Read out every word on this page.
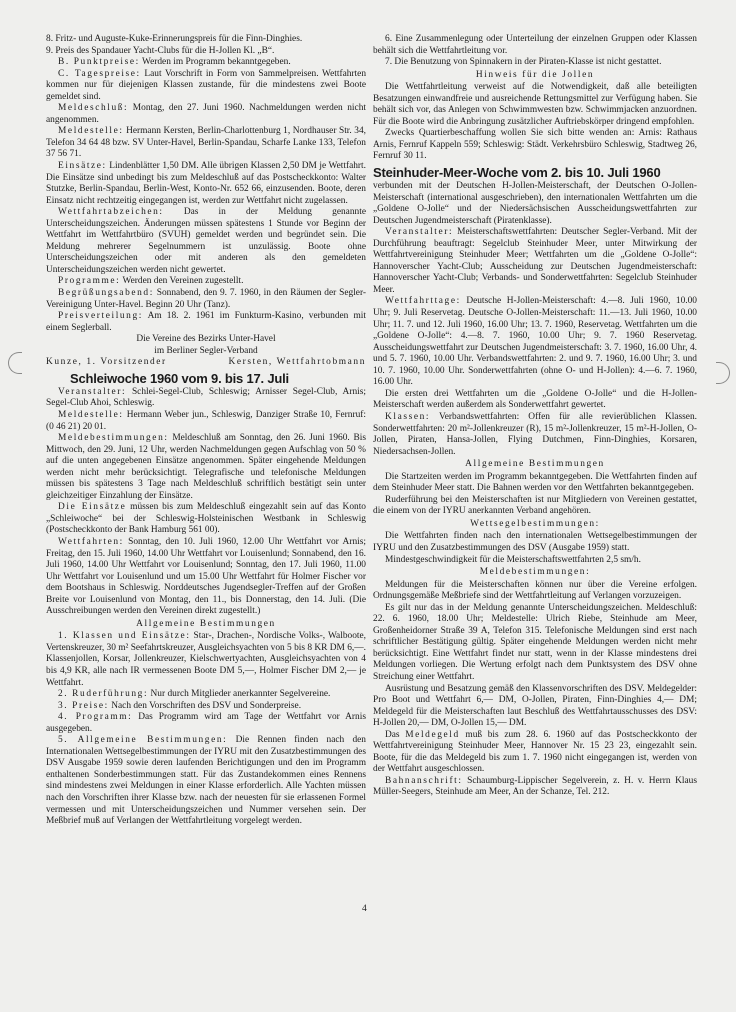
8. Fritz- und Auguste-Kuke-Erinnerungspreis für die Finn-Dinghies.

9. Preis des Spandauer Yacht-Clubs für die H-Jollen Kl. „B“.

B. Punktpreise: Werden im Programm bekanntgegeben.

C. Tagespreise: Laut Vorschrift in Form von Sammelpreisen. Wettfahrten kommen nur für diejenigen Klassen zustande, für die mindestens zwei Boote gemeldet sind.

Meldeschluß: Montag, den 27. Juni 1960. Nachmeldungen werden nicht angenommen.

Meldestelle: Hermann Kersten, Berlin-Charlottenburg 1, Nordhauser Str. 34, Telefon 34 64 48 bzw. SV Unter-Havel, Berlin-Spandau, Scharfe Lanke 133, Telefon 37 56 71.

Einsätze: Lindenblätter 1,50 DM. Alle übrigen Klassen 2,50 DM je Wettfahrt. Die Einsätze sind unbedingt bis zum Meldeschluß auf das Postscheckkonto: Walter Stutzke, Berlin-Spandau, Berlin-West, Konto-Nr. 652 66, einzusenden. Boote, deren Einsatz nicht rechtzeitig eingegangen ist, werden zur Wettfahrt nicht zugelassen.

Wettfahrtabzeichen: Das in der Meldung genannte Unterscheidungszeichen. Änderungen müssen spätestens 1 Stunde vor Beginn der Wettfahrt im Wettfahrtbüro (SVUH) gemeldet werden und begründet sein. Die Meldung mehrerer Segelnummern ist unzulässig. Boote ohne Unterscheidungszeichen oder mit anderen als den gemeldeten Unterscheidungszeichen werden nicht gewertet.

Programme: Werden den Vereinen zugestellt.

Begrüßungsabend: Sonnabend, den 9. 7. 1960, in den Räumen der Segler-Vereinigung Unter-Havel. Beginn 20 Uhr (Tanz).

Preisverteilung: Am 18. 2. 1961 im Funkturm-Kasino, verbunden mit einem Seglerball.

Die Vereine des Bezirks Unter-Havel

im Berliner Segler-Verband

Kunze, 1. Vorsitzender	Kersten, Wettfahrtobmann
Schleiwoche 1960 vom 9. bis 17. Juli

Veranstalter: Schlei-Segel-Club, Schleswig; Arnisser Segel-Club, Arnis; Segel-Club Ahoi, Schleswig.

Meldestelle: Hermann Weber jun., Schleswig, Danziger Straße 10, Fernruf: (0 46 21) 20 01.

Meldebestimmungen: Meldeschluß am Sonntag, den 26. Juni 1960. Bis Mittwoch, den 29. Juni, 12 Uhr, werden Nachmeldungen gegen Aufschlag von 50 % auf die unten angegebenen Einsätze angenommen. Später eingehende Meldungen werden nicht mehr berücksichtigt. Telegrafische und telefonische Meldungen müssen bis spätestens 3 Tage nach Meldeschluß schriftlich bestätigt sein unter gleichzeitiger Einzahlung der Einsätze.

Die Einsätze müssen bis zum Meldeschluß eingezahlt sein auf das Konto „Schleiwoche“ bei der Schleswig-Holsteinischen Westbank in Schleswig (Postscheckkonto der Bank Hamburg 561 00).

Wettfahrten: Sonntag, den 10. Juli 1960, 12.00 Uhr Wettfahrt vor Arnis; Freitag, den 15. Juli 1960, 14.00 Uhr Wettfahrt vor Louisenlund; Sonnabend, den 16. Juli 1960, 14.00 Uhr Wettfahrt vor Louisenlund; Sonntag, den 17. Juli 1960, 11.00 Uhr Wettfahrt vor Louisenlund und um 15.00 Uhr Wettfahrt für Holmer Fischer vor dem Bootshaus in Schleswig. Norddeutsches Jugendsegler-Treffen auf der Großen Breite vor Louisenlund von Montag, den 11., bis Donnerstag, den 14. Juli. (Die Ausschreibungen werden den Vereinen direkt zugestellt.)

Allgemeine Bestimmungen

1. Klassen und Einsätze: Star-, Drachen-, Nordische Volks-, Walboote, Vertenskreuzer, 30 m² Seefahrtskreuzer, Ausgleichsyachten von 5 bis 8 KR DM 6,—. Klassenjollen, Korsar, Jollenkreuzer, Kielschwertyachten, Ausgleichsyachten von 4 bis 4,9 KR, alle nach IR vermessenen Boote DM 5,—, Holmer Fischer DM 2,— je Wettfahrt.

2. Ruderführung: Nur durch Mitglieder anerkannter Segelvereine.

3. Preise: Nach den Vorschriften des DSV und Sonderpreise.

4. Programm: Das Programm wird am Tage der Wettfahrt vor Arnis ausgegeben.

5. Allgemeine Bestimmungen: Die Rennen finden nach den Internationalen Wettsegelbestimmungen der IYRU mit den Zusatzbestimmungen des DSV Ausgabe 1959 sowie deren laufenden Berichtigungen und den im Programm enthaltenen Sonderbestimmungen statt. Für das Zustandekommen eines Rennens sind mindestens zwei Meldungen in einer Klasse erforderlich. Alle Yachten müssen nach den Vorschriften ihrer Klasse bzw. nach der neuesten für sie erlassenen Formel vermessen und mit Unterscheidungszeichen und Nummer versehen sein. Der Meßbrief muß auf Verlangen der Wettfahrtleitung vorgelegt werden.

6. Eine Zusammenlegung oder Unterteilung der einzelnen Gruppen oder Klassen behält sich die Wettfahrtleitung vor.

7. Die Benutzung von Spinnakern in der Piraten-Klasse ist nicht gestattet.

Hinweis für die Jollen

Die Wettfahrtleitung verweist auf die Notwendigkeit, daß alle beteiligten Besatzungen einwandfreie und ausreichende Rettungsmittel zur Verfügung haben. Sie behält sich vor, das Anlegen von Schwimmwesten bzw. Schwimmjacken anzuordnen. Für die Boote wird die Anbringung zusätzlicher Auftriebskörper dringend empfohlen.

Zwecks Quartierbeschaffung wollen Sie sich bitte wenden an: Arnis: Rathaus Arnis, Fernruf Kappeln 559; Schleswig: Städt. Verkehrsbüro Schleswig, Stadtweg 26, Fernruf 30 11.

Steinhuder-Meer-Woche vom 2. bis 10. Juli 1960

verbunden mit der Deutschen H-Jollen-Meisterschaft, der Deutschen O-Jollen-Meisterschaft (international ausgeschrieben), den internationalen Wettfahrten um die „Goldene O-Jolle“ und der Niedersächsischen Ausscheidungswettfahrten zur Deutschen Jugendmeisterschaft (Piratenklasse).

Veranstalter: Meisterschaftswettfahrten: Deutscher Segler-Verband. Mit der Durchführung beauftragt: Segelclub Steinhuder Meer, unter Mitwirkung der Wettfahrtvereinigung Steinhuder Meer; Wettfahrten um die „Goldene O-Jolle“: Hannoverscher Yacht-Club; Ausscheidung zur Deutschen Jugendmeisterschaft: Hannoverscher Yacht-Club; Verbands- und Sonderwettfahrten: Segelclub Steinhuder Meer.

Wettfahrttage: Deutsche H-Jollen-Meisterschaft: 4.—8. Juli 1960, 10.00 Uhr; 9. Juli Reservetag. Deutsche O-Jollen-Meisterschaft: 11.—13. Juli 1960, 10.00 Uhr; 11. 7. und 12. Juli 1960, 16.00 Uhr; 13. 7. 1960, Reservetag. Wettfahrten um die „Goldene O-Jolle“: 4.—8. 7. 1960, 10.00 Uhr; 9. 7. 1960 Reservetag. Ausscheidungswettfahrt zur Deutschen Jugendmeisterschaft: 3. 7. 1960, 16.00 Uhr, 4. und 5. 7. 1960, 10.00 Uhr. Verbandswettfahrten: 2. und 9. 7. 1960, 16.00 Uhr; 3. und 10. 7. 1960, 10.00 Uhr. Sonderwettfahrten (ohne O- und H-Jollen): 4.—6. 7. 1960, 16.00 Uhr.

Die ersten drei Wettfahrten um die „Goldene O-Jolle“ und die H-Jollen-Meisterschaft werden außerdem als Sonderwettfahrt gewertet.

Klassen: Verbandswettfahrten: Offen für alle revierüblichen Klassen. Sonderwettfahrten: 20 m²-Jollenkreuzer (R), 15 m²-Jollenkreuzer, 15 m²-H-Jollen, O-Jollen, Piraten, Hansa-Jollen, Flying Dutchmen, Finn-Dinghies, Korsaren, Niedersachsen-Jollen.

Allgemeine Bestimmungen

Die Startzeiten werden im Programm bekanntgegeben. Die Wettfahrten finden auf dem Steinhuder Meer statt. Die Bahnen werden vor den Wettfahrten bekanntgegeben.

Ruderführung bei den Meisterschaften ist nur Mitgliedern von Vereinen gestattet, die einem von der IYRU anerkannten Verband angehören.

Wettsegelbestimmungen:

Die Wettfahrten finden nach den internationalen Wettsegelbestimmungen der IYRU und den Zusatzbestimmungen des DSV (Ausgabe 1959) statt.

Mindestgeschwindigkeit für die Meisterschaftswettfahrten 2,5 sm/h.

Meldebestimmungen:

Meldungen für die Meisterschaften können nur über die Vereine erfolgen. Ordnungsgemäße Meßbriefe sind der Wettfahrtleitung auf Verlangen vorzuzeigen.

Es gilt nur das in der Meldung genannte Unterscheidungszeichen. Meldeschluß: 22. 6. 1960, 18.00 Uhr; Meldestelle: Ulrich Riebe, Steinhude am Meer, Großenheidorner Straße 39 A, Telefon 315. Telefonische Meldungen sind erst nach schriftlicher Bestätigung gültig. Später eingehende Meldungen werden nicht mehr berücksichtigt. Eine Wettfahrt findet nur statt, wenn in der Klasse mindestens drei Meldungen vorliegen. Die Wertung erfolgt nach dem Punktsystem des DSV ohne Streichung einer Wettfahrt.

Ausrüstung und Besatzung gemäß den Klassenvorschriften des DSV. Meldegelder: Pro Boot und Wettfahrt 6,— DM, O-Jollen, Piraten, Finn-Dinghies 4,— DM; Meldegeld für die Meisterschaften laut Beschluß des Wettfahrtausschusses des DSV: H-Jollen 20,— DM, O-Jollen 15,— DM.

Das Meldegeld muß bis zum 28. 6. 1960 auf das Postscheckkonto der Wettfahrtvereinigung Steinhuder Meer, Hannover Nr. 15 23 23, eingezahlt sein. Boote, für die das Meldegeld bis zum 1. 7. 1960 nicht eingegangen ist, werden von der Wettfahrt ausgeschlossen.

Bahnanschrift: Schaumburg-Lippischer Segelverein, z. H. v. Herrn Klaus Müller-Seegers, Steinhude am Meer, An der Schanze, Tel. 212.

4
